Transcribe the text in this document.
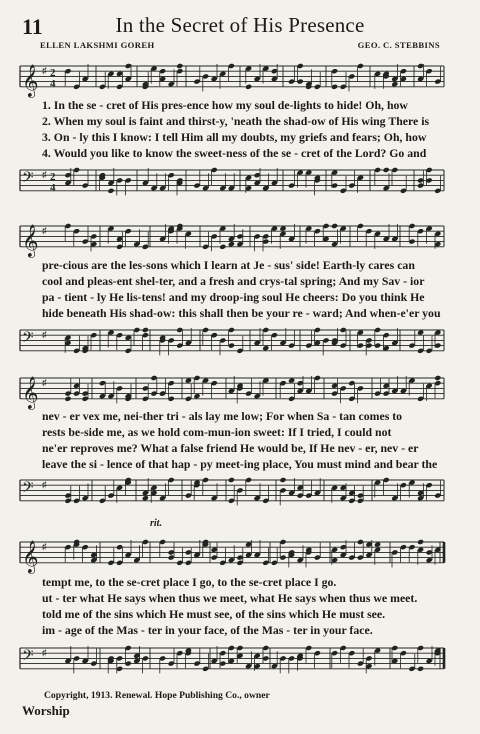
11	In the Secret of His Presence
ELLEN LAKSHMI GOREH	GEO. C. STEBBINS
𝄞 ♯ 2
4
1. In the se - cret of His pres-ence how my soul de-lights to hide! Oh, how
2. When my soul is faint and thirst-y, 'neath the shad-ow of His wing There is
3. On - ly this I know: I tell Him all my doubts, my griefs and fears; Oh, how
4. Would you like to know the sweet-ness of the se - cret of the Lord? Go and
𝄢 ♯ 2
4
𝄞 ♯
pre-cious are the les-sons which I learn at Je - sus' side! Earth-ly cares can
cool and pleas-ent shel-ter, and a fresh and crys-tal spring; And my Sav - ior
pa - tient - ly He lis-tens! and my droop-ing soul He cheers: Do you think He
hide beneath His shad-ow: this shall then be your re - ward; And when-e'er you
𝄢 ♯
𝄞 ♯
nev - er vex me, nei-ther tri - als lay me low; For when Sa - tan comes to
rests be-side me, as we hold com-mun-ion sweet: If I tried, I could not
ne'er reproves me? What a false friend He would be, If He nev - er, nev - er
leave the si - lence of that hap - py meet-ing place, You must mind and bear the
𝄢 ♯
rit.
𝄞 ♯
tempt me, to the se-cret place I go, to the se-cret place I go.
ut - ter what He says when thus we meet, what He says when thus we meet.
told me of the sins which He must see, of the sins which He must see.
im - age of the Mas - ter in your face, of the Mas - ter in your face.
𝄢 ♯
Copyright, 1913. Renewal. Hope Publishing Co., owner
Worship
